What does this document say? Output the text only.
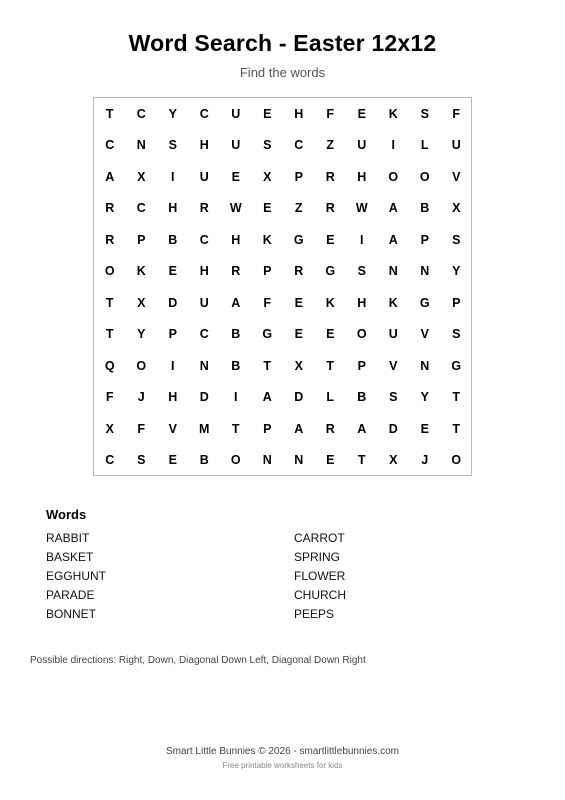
Word Search - Easter 12x12
Find the words
T	C	Y	C	U	E	H	F	E	K	S	F
C	N	S	H	U	S	C	Z	U	I	L	U
A	X	I	U	E	X	P	R	H	O	O	V
R	C	H	R	W	E	Z	R	W	A	B	X
R	P	B	C	H	K	G	E	I	A	P	S
O	K	E	H	R	P	R	G	S	N	N	Y
T	X	D	U	A	F	E	K	H	K	G	P
T	Y	P	C	B	G	E	E	O	U	V	S
Q	O	I	N	B	T	X	T	P	V	N	G
F	J	H	D	I	A	D	L	B	S	Y	T
X	F	V	M	T	P	A	R	A	D	E	T
C	S	E	B	O	N	N	E	T	X	J	O
Words
RABBIT
BASKET
EGGHUNT
PARADE
BONNET
CARROT
SPRING
FLOWER
CHURCH
PEEPS
Possible directions: Right, Down, Diagonal Down Left, Diagonal Down Right
Smart Little Bunnies © 2026 - smartlittlebunnies.com
Free printable worksheets for kids
